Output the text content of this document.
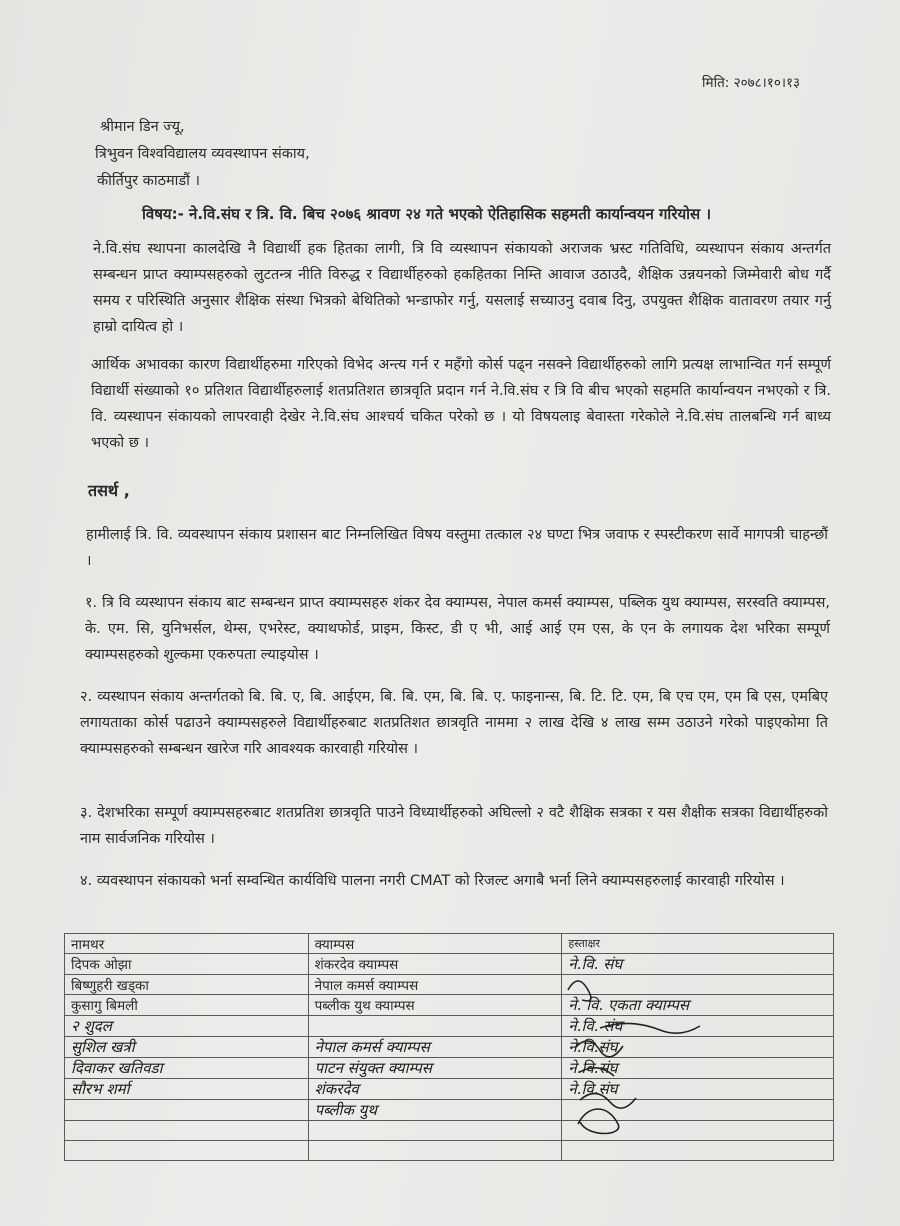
मिति: २०७८।१०।१३
श्रीमान डिन ज्यू,
त्रिभुवन विश्वविद्यालय व्यवस्थापन संकाय,
कीर्तिपुर काठमाडौं ।
विषय:- ने.वि.संघ र त्रि. वि. बिच २०७६ श्रावण २४ गते भएको ऐतिहासिक सहमती कार्यान्वयन गरियोस ।
ने.वि.संघ स्थापना कालदेखि नै विद्यार्थी हक हितका लागी, त्रि वि व्यस्थापन संकायको अराजक भ्रस्ट गतिविधि, व्यस्थापन संकाय अन्तर्गत सम्बन्धन प्राप्त क्याम्पसहरुको लुटतन्त्र नीति विरुद्ध र विद्यार्थीहरुको हकहितका निम्ति आवाज उठाउदै, शैक्षिक उन्नयनको जिम्मेवारी बोध गर्दै समय र परिस्थिति अनुसार शैक्षिक संस्था भित्रको बेथितिको भन्डाफोर गर्नु, यसलाई सच्याउनु दवाब दिनु, उपयुक्त शैक्षिक वातावरण तयार गर्नु हाम्रो दायित्व हो ।
आर्थिक अभावका कारण विद्यार्थीहरुमा गरिएको विभेद अन्त्य गर्न र महँगो कोर्स पढ्न नसक्ने विद्यार्थीहरुको लागि प्रत्यक्ष लाभान्वित गर्न सम्पूर्ण विद्यार्थी संख्याको १० प्रतिशत विद्यार्थीहरुलाई शतप्रतिशत छात्रवृति प्रदान गर्न ने.वि.संघ र त्रि वि बीच भएको सहमति कार्यान्वयन नभएको र त्रि. वि. व्यस्थापन संकायको लापरवाही देखेर ने.वि.संघ आश्चर्य चकित परेको छ । यो विषयलाइ बेवास्ता गरेकोले ने.वि.संघ तालबन्धि गर्न बाध्य भएको छ ।
तसर्थ ,
हामीलाई त्रि. वि. व्यवस्थापन संकाय प्रशासन बाट निम्नलिखित विषय वस्तुमा तत्काल २४ घण्टा भित्र जवाफ र स्पस्टीकरण सार्वे मागपत्री चाहन्छौं ।
१. त्रि वि व्यस्थापन संकाय बाट सम्बन्धन प्राप्त क्याम्पसहरु शंकर देव क्याम्पस, नेपाल कमर्स क्याम्पस, पब्लिक युथ क्याम्पस, सरस्वति क्याम्पस, के. एम. सि, युनिभर्सल, थेम्स, एभरेस्ट, क्याथफोर्ड, प्राइम, किस्ट, डी ए भी, आई आई एम एस, के एन के लगायक देश भरिका सम्पूर्ण क्याम्पसहरुको शुल्कमा एकरुपता ल्याइयोस ।
२. व्यस्थापन संकाय अन्तर्गतको बि. बि. ए, बि. आईएम, बि. बि. एम, बि. बि. ए. फाइनान्स, बि. टि. टि. एम, बि एच एम, एम बि एस, एमबिए लगायताका कोर्स पढाउने क्याम्पसहरुले विद्यार्थीहरुबाट शतप्रतिशत छात्रवृति नाममा २ लाख देखि ४ लाख सम्म उठाउने गरेको पाइएकोमा ति क्याम्पसहरुको सम्बन्धन खारेज गरि आवश्यक कारवाही गरियोस ।
३. देशभरिका सम्पूर्ण क्याम्पसहरुबाट शतप्रतिश छात्रवृति पाउने विध्यार्थीहरुको अघिल्लो २ वटै शैक्षिक सत्रका र यस शैक्षीक सत्रका विद्यार्थीहरुको नाम सार्वजनिक गरियोस ।
४. व्यवस्थापन संकायको भर्ना सम्वन्धित कार्यविधि पालना नगरी CMAT को रिजल्ट अगाबै भर्ना लिने क्याम्पसहरुलाई कारवाही गरियोस ।
नामथर	क्याम्पस	हस्ताक्षर
दिपक ओझा	शंकरदेव क्याम्पस	ने.वि. संघ
बिष्णुहरी खड्का	नेपाल कमर्स क्याम्पस	
कुसागु बिमली	पब्लीक युथ क्याम्पस	ने. वि. एकता क्याम्पस
२ शुदल		ने.वि. संघ
सुशिल खत्री	नेपाल कमर्स क्याम्पस	ने.वि.संघ
दिवाकर खतिवडा	पाटन संयुक्त क्याम्पस	ने.वि.संघ
सौरभ शर्मा	शंकरदेव	ने.वि.संघ
	पब्लीक युथ	
